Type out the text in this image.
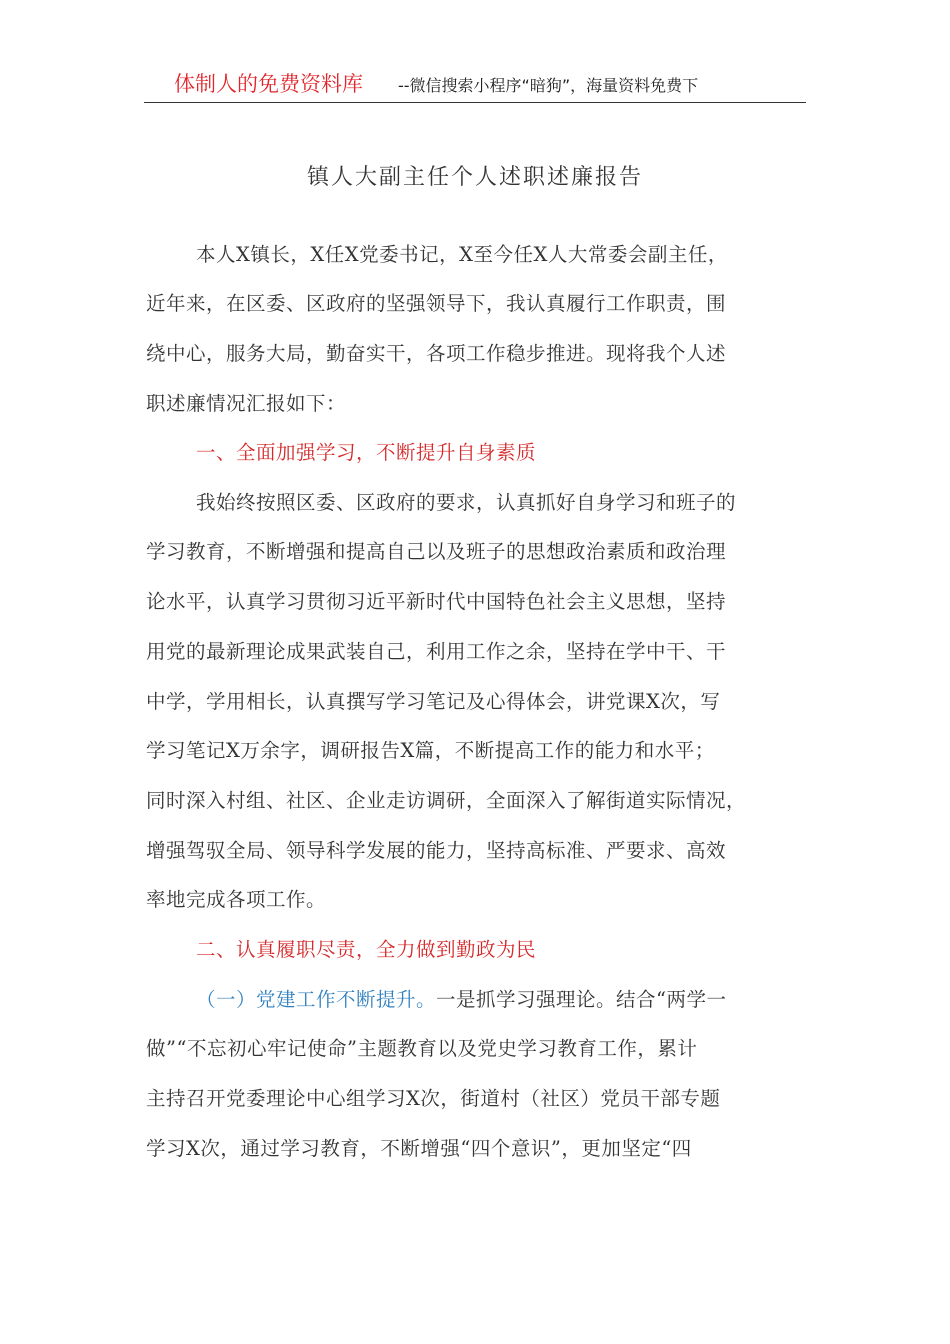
体制人的免费资料库 --微信搜索小程序“暗狗”，海量资料免费下
镇人大副主任个人述职述廉报告
本人X镇长，X任X党委书记，X至今任X人大常委会副主任，
近年来，在区委、区政府的坚强领导下，我认真履行工作职责，围
绕中心，服务大局，勤奋实干，各项工作稳步推进。现将我个人述
职述廉情况汇报如下：
一、全面加强学习，不断提升自身素质
我始终按照区委、区政府的要求，认真抓好自身学习和班子的
学习教育，不断增强和提高自己以及班子的思想政治素质和政治理
论水平，认真学习贯彻习近平新时代中国特色社会主义思想，坚持
用党的最新理论成果武装自己，利用工作之余，坚持在学中干、干
中学，学用相长，认真撰写学习笔记及心得体会，讲党课X次，写
学习笔记X万余字，调研报告X篇，不断提高工作的能力和水平；
同时深入村组、社区、企业走访调研，全面深入了解街道实际情况，
增强驾驭全局、领导科学发展的能力，坚持高标准、严要求、高效
率地完成各项工作。
二、认真履职尽责，全力做到勤政为民
（一）党建工作不断提升。一是抓学习强理论。结合“两学一
做”“不忘初心牢记使命”主题教育以及党史学习教育工作，累计
主持召开党委理论中心组学习X次，街道村（社区）党员干部专题
学习X次，通过学习教育，不断增强“四个意识”，更加坚定“四
